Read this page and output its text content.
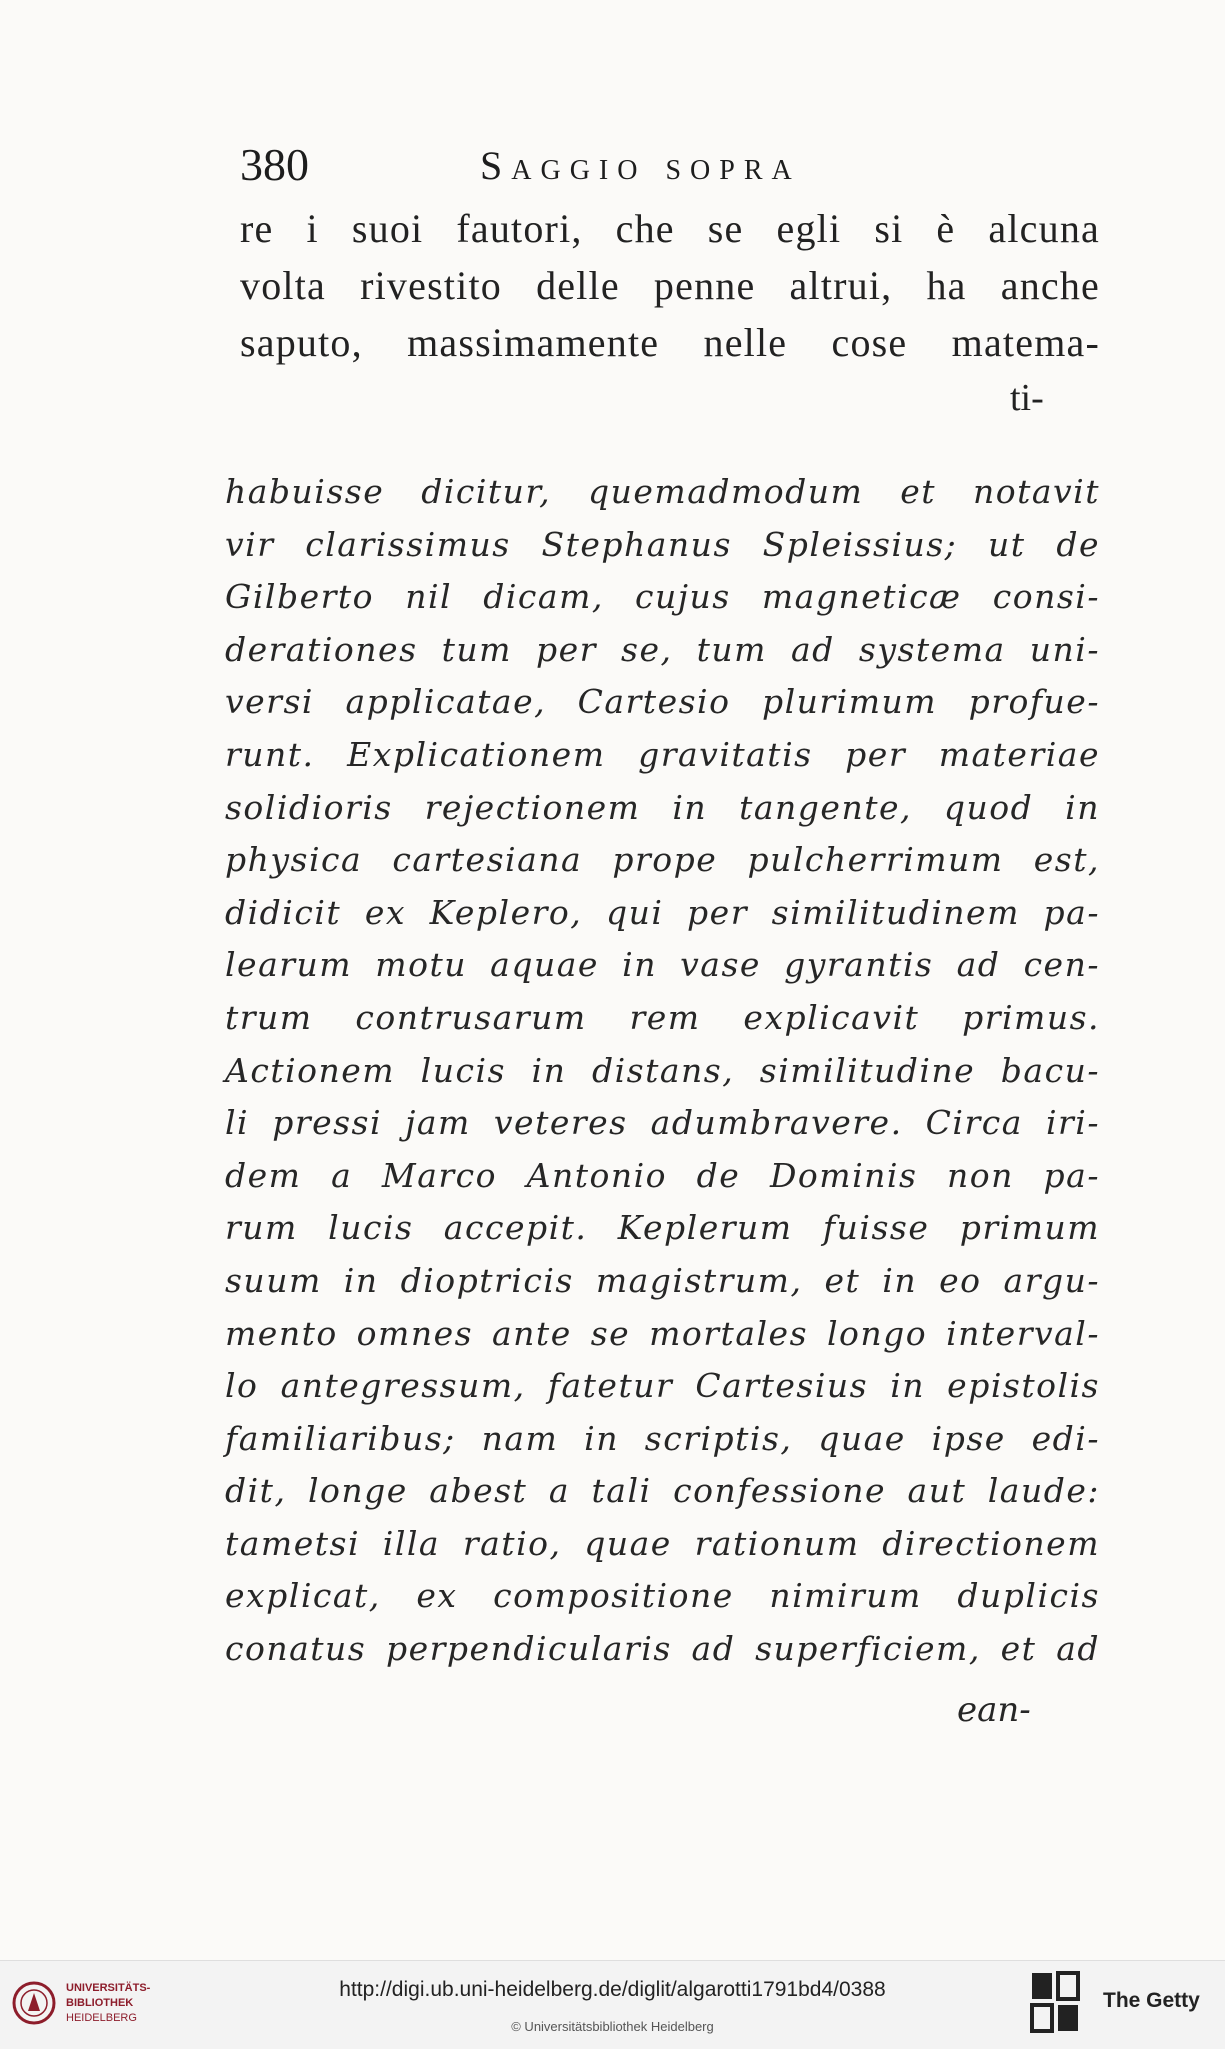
380	Saggio sopra
re i suoi fautori, che se egli si è alcuna
volta rivestito delle penne altrui, ha anche
saputo, massimamente nelle cose matema-
ti-
habuisse dicitur, quemadmodum et notavit
vir clarissimus Stephanus Spleissius; ut de
Gilberto nil dicam, cujus magneticæ consi-
derationes tum per se, tum ad systema uni-
versi applicatae, Cartesio plurimum profue-
runt. Explicationem gravitatis per materiae
solidioris rejectionem in tangente, quod in
physica cartesiana prope pulcherrimum est,
didicit ex Keplero, qui per similitudinem pa-
learum motu aquae in vase gyrantis ad cen-
trum contrusarum rem explicavit primus.
Actionem lucis in distans, similitudine bacu-
li pressi jam veteres adumbravere. Circa iri-
dem a Marco Antonio de Dominis non pa-
rum lucis accepit. Keplerum fuisse primum
suum in dioptricis magistrum, et in eo argu-
mento omnes ante se mortales longo interval-
lo antegressum, fatetur Cartesius in epistolis
familiaribus; nam in scriptis, quae ipse edi-
dit, longe abest a tali confessione aut laude:
tametsi illa ratio, quae rationum directionem
explicat, ex compositione nimirum duplicis
conatus perpendicularis ad superficiem, et ad
ean-
UNIVERSITÄTS-
BIBLIOTHEK
HEIDELBERG
http://digi.ub.uni-heidelberg.de/diglit/algarotti1791bd4/0388
© Universitätsbibliothek Heidelberg
The Getty
